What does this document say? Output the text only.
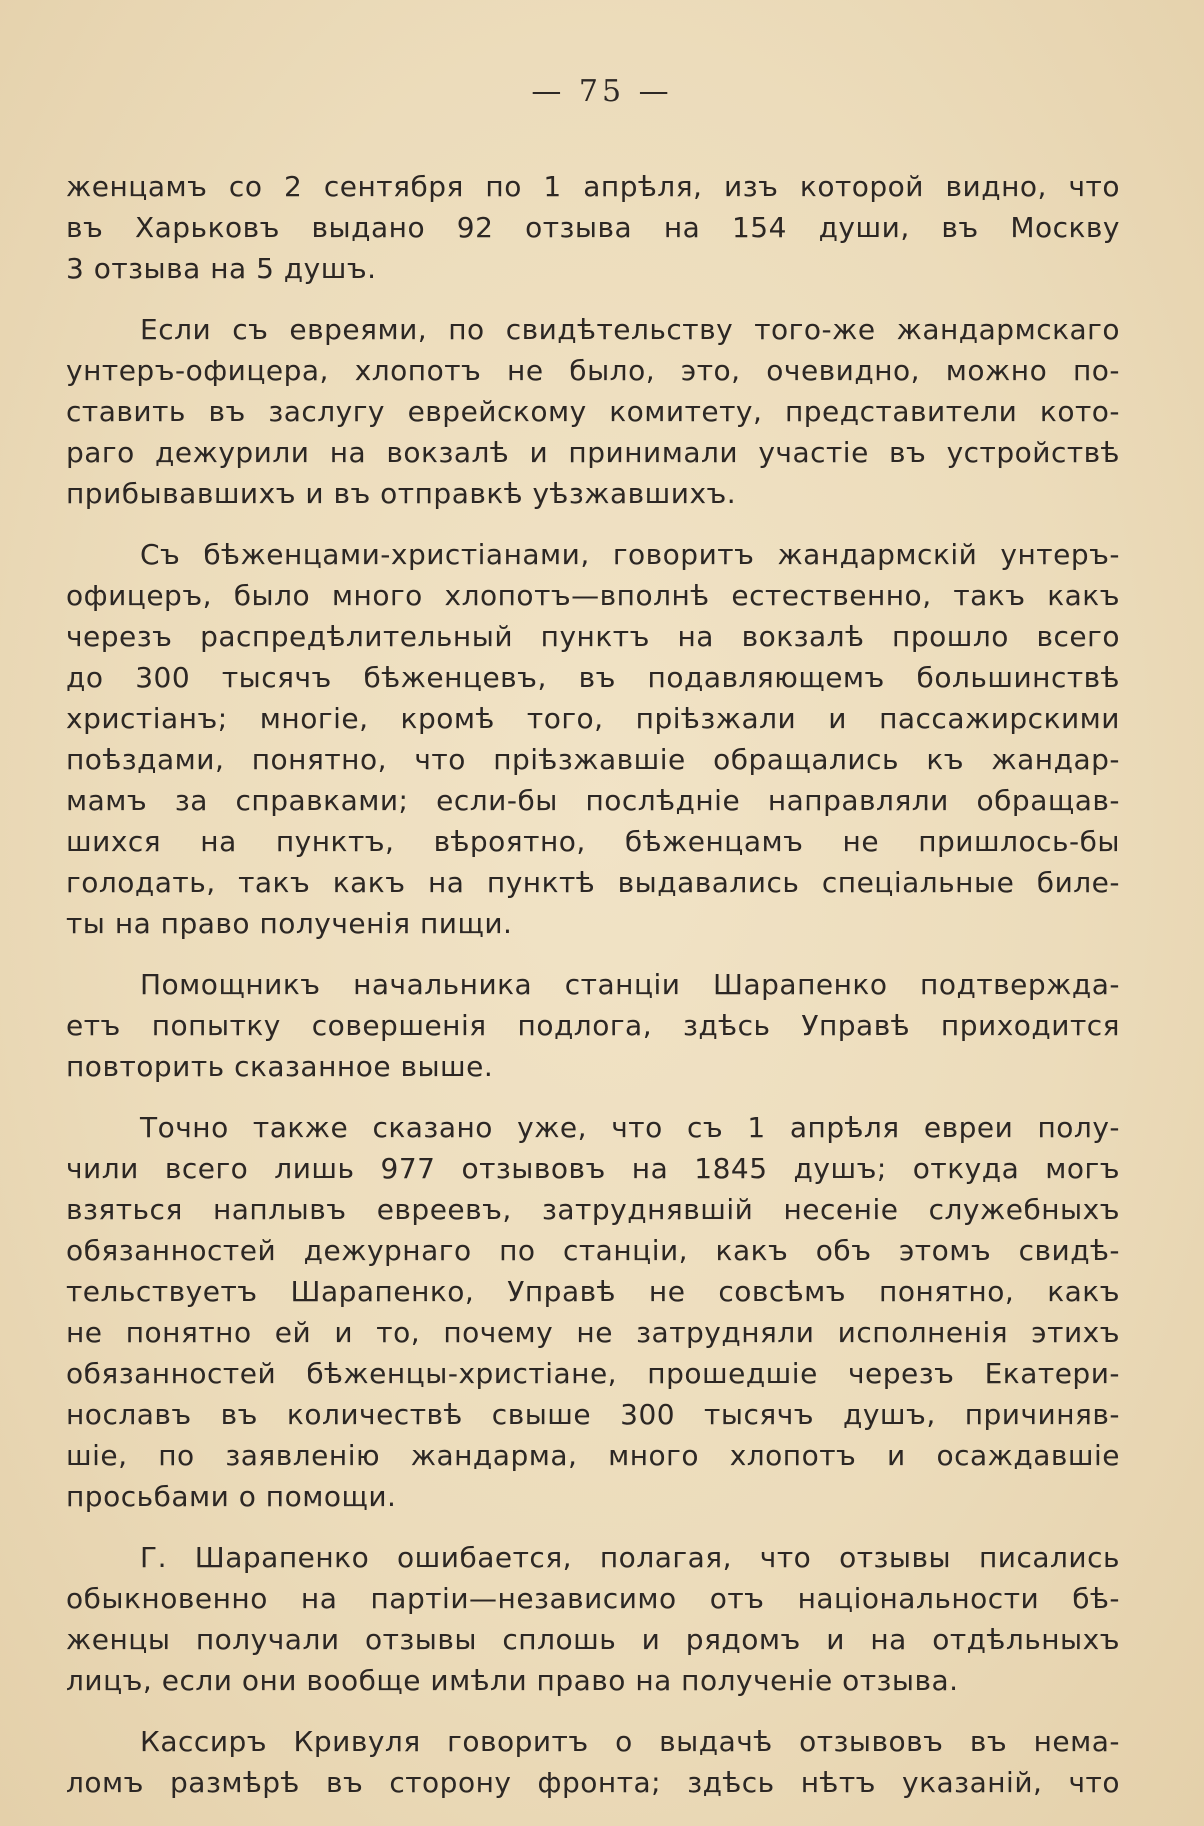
— 75 —
женцамъ со 2 сентября по 1 апрѣля, изъ которой видно, что
въ Харьковъ выдано 92 отзыва на 154 души, въ Москву
3 отзыва на 5 душъ.
Если съ евреями, по свидѣтельству того-же жандармскаго
унтеръ-офицера, хлопотъ не было, это, очевидно, можно по-
ставить въ заслугу еврейскому комитету, представители кото-
раго дежурили на вокзалѣ и принимали участіе въ устройствѣ
прибывавшихъ и въ отправкѣ уѣзжавшихъ.
Съ бѣженцами-христіанами, говоритъ жандармскій унтеръ-
офицеръ, было много хлопотъ—вполнѣ естественно, такъ какъ
черезъ распредѣлительный пунктъ на вокзалѣ прошло всего
до 300 тысячъ бѣженцевъ, въ подавляющемъ большинствѣ
христіанъ; многіе, кромѣ того, пріѣзжали и пассажирскими
поѣздами, понятно, что пріѣзжавшіе обращались къ жандар-
мамъ за справками; если-бы послѣдніе направляли обращав-
шихся на пунктъ, вѣроятно, бѣженцамъ не пришлось-бы
голодать, такъ какъ на пунктѣ выдавались спеціальные билe-
ты на право полученія пищи.
Помощникъ начальника станціи Шарапенко подтвержда-
етъ попытку совершенія подлога, здѣсь Управѣ приходится
повторить сказанное выше.
Точно также сказано уже, что съ 1 апрѣля евреи полу-
чили всего лишь 977 отзывовъ на 1845 душъ; откуда могъ
взяться наплывъ евреевъ, затруднявшій несеніе служебныхъ
обязанностей дежурнаго по станціи, какъ объ этомъ свидѣ-
тельствуетъ Шарапенко, Управѣ не совсѣмъ понятно, какъ
не понятно ей и то, почему не затрудняли исполненія этихъ
обязанностей бѣженцы-христіане, прошедшіе черезъ Екатери-
нославъ въ количествѣ свыше 300 тысячъ душъ, причиняв-
шіе, по заявленію жандарма, много хлопотъ и осаждавшіе
просьбами о помощи.
Г. Шарапенко ошибается, полагая, что отзывы писались
обыкновенно на партіи—независимо отъ національности бѣ-
женцы получали отзывы сплошь и рядомъ и на отдѣльныхъ
лицъ, если они вообще имѣли право на полученіе отзыва.
Кассиръ Кривуля говоритъ о выдачѣ отзывовъ въ нема-
ломъ размѣрѣ въ сторону фронта; здѣсь нѣтъ указаній, что
